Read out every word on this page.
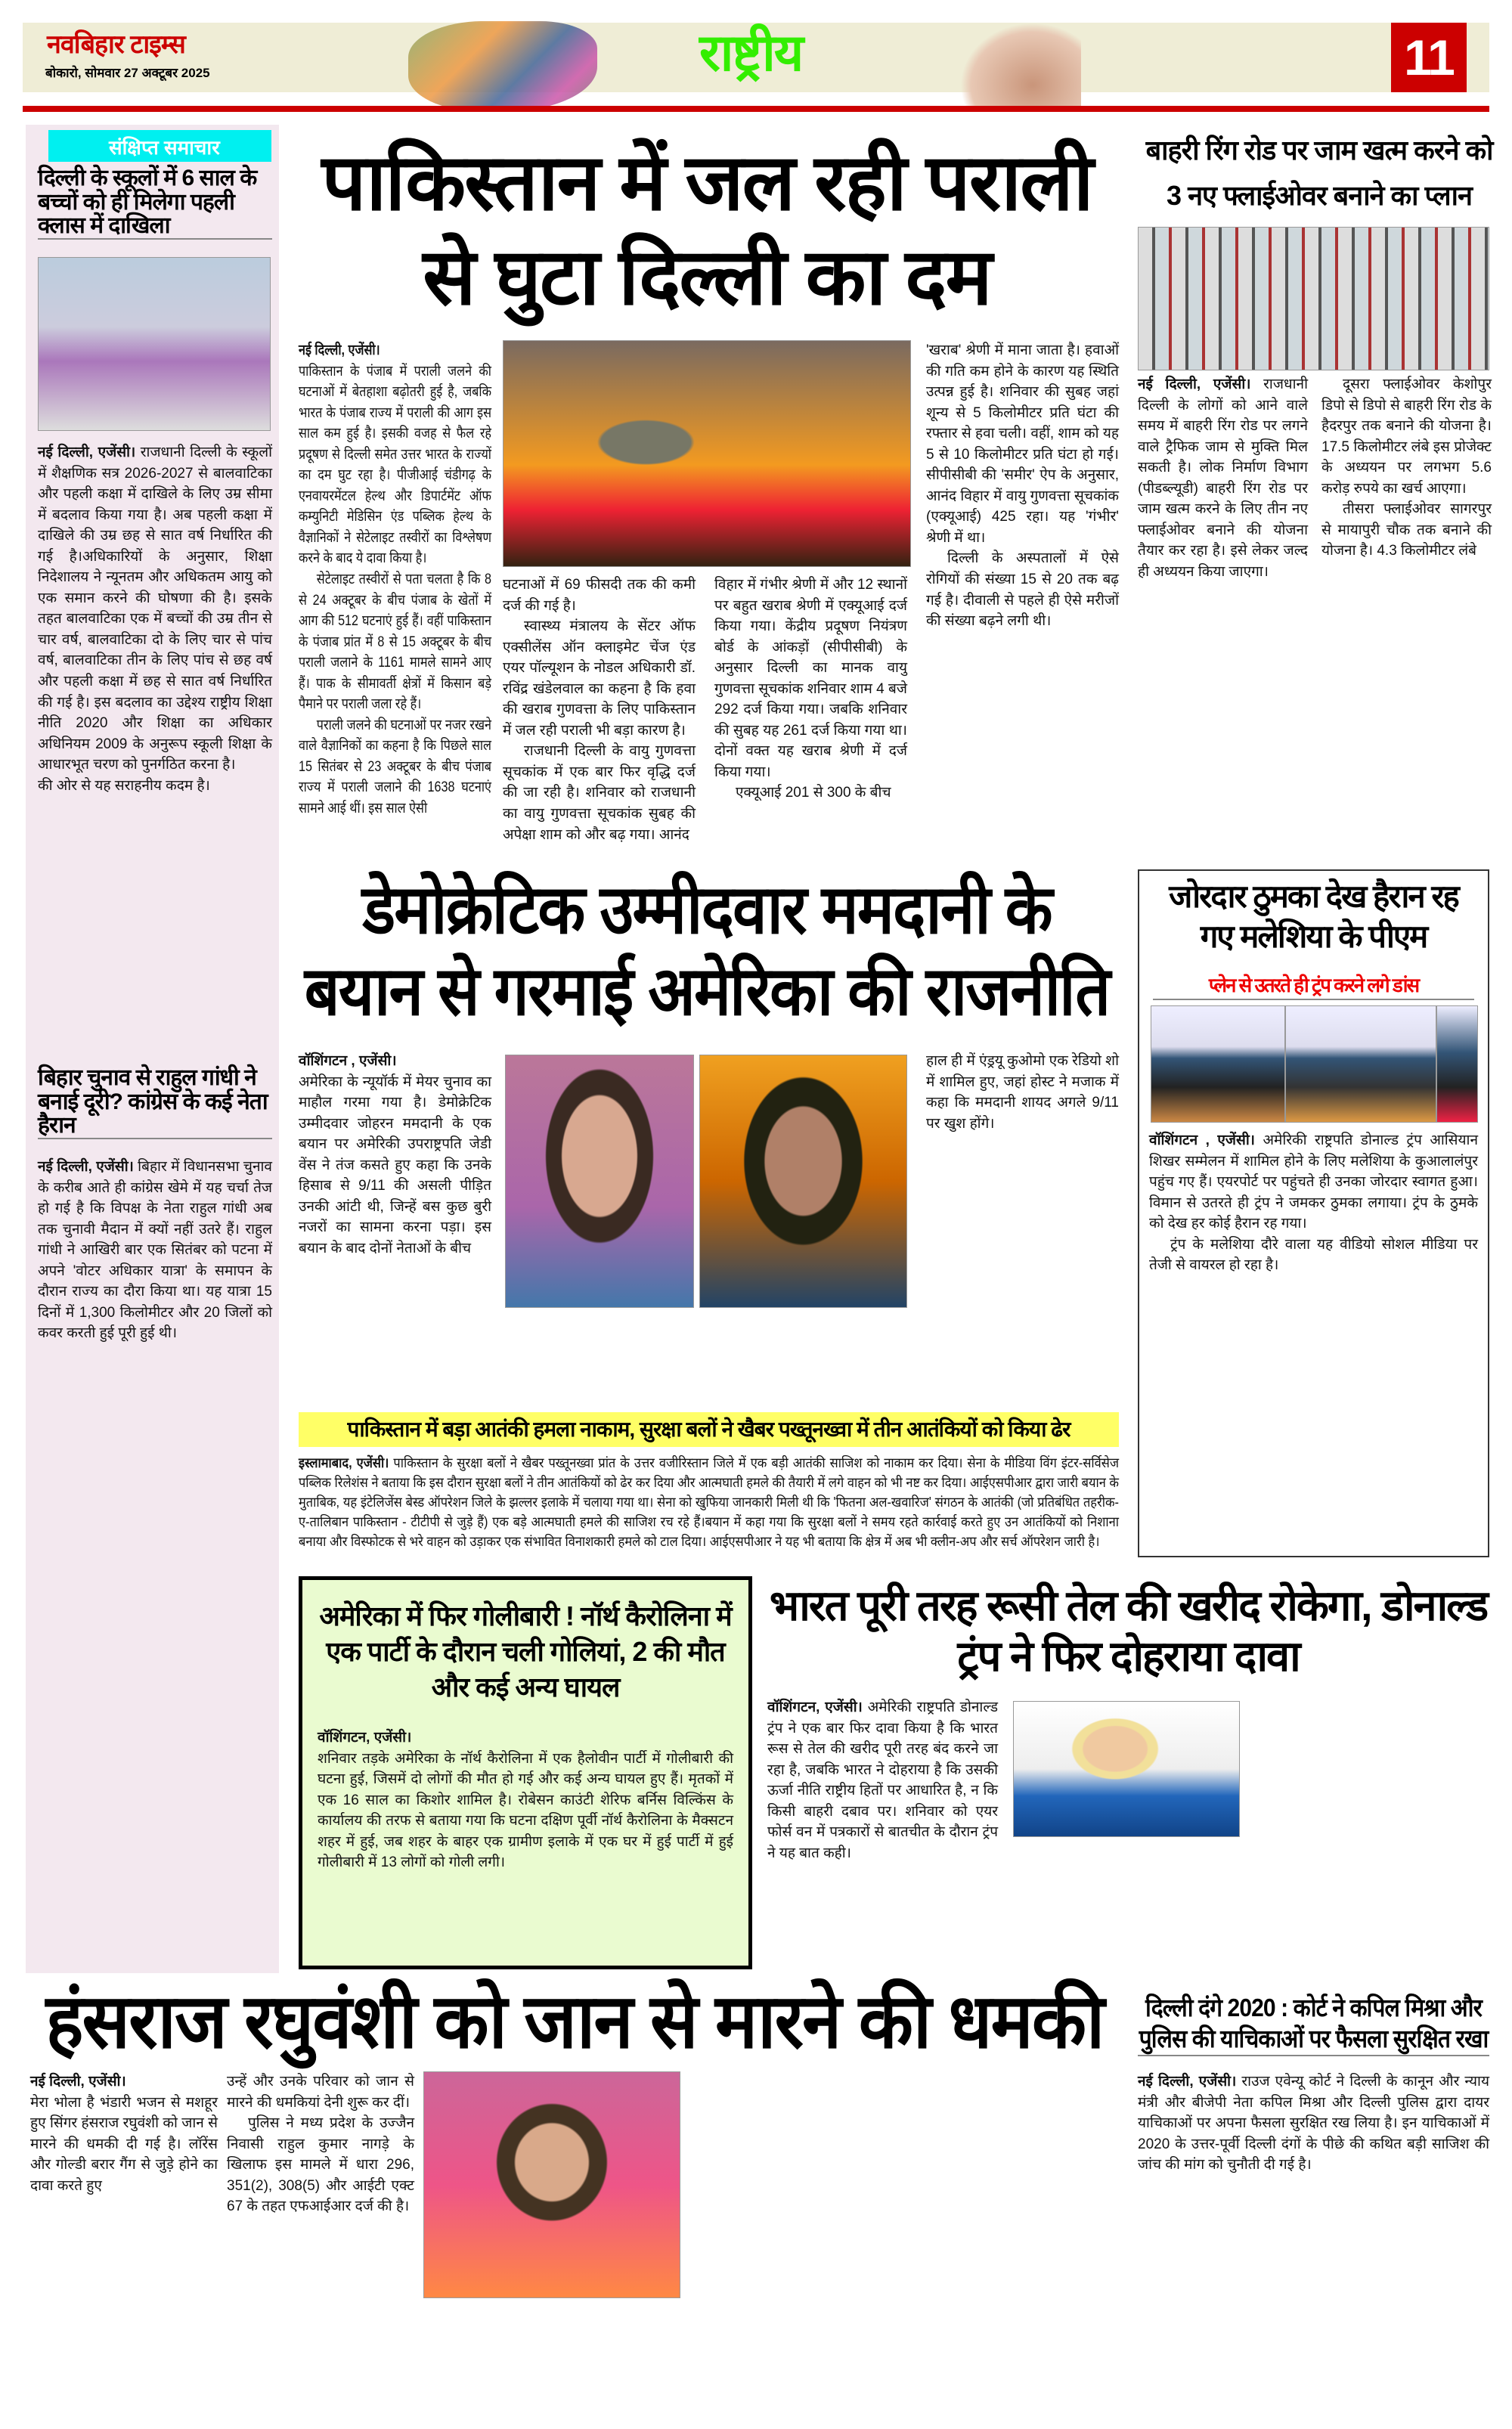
नवबिहार टाइम्स
बोकारो, सोमवार 27 अक्टूबर 2025	राष्ट्रीय	11
संक्षिप्त समाचार
दिल्ली के स्कूलों में 6 साल के बच्चों को ही मिलेगा पहली क्लास में दाखिला

नई दिल्ली, एजेंसी। राजधानी दिल्ली के स्कूलों में शैक्षणिक सत्र 2026-2027 से बालवाटिका और पहली कक्षा में दाखिले के लिए उम्र सीमा में बदलाव किया गया है। अब पहली कक्षा में दाखिले की उम्र छह से सात वर्ष निर्धारित की गई है।अधिकारियों के अनुसार, शिक्षा निदेशालय ने न्यूनतम और अधिकतम आयु को एक समान करने की घोषणा की है। इसके तहत बालवाटिका एक में बच्चों की उम्र तीन से चार वर्ष, बालवाटिका दो के लिए चार से पांच वर्ष, बालवाटिका तीन के लिए पांच से छह वर्ष और पहली कक्षा में छह से सात वर्ष निर्धारित की गई है। इस बदलाव का उद्देश्य राष्ट्रीय शिक्षा नीति 2020 और शिक्षा का अधिकार अधिनियम 2009 के अनुरूप स्कूली शिक्षा के आधारभूत चरण को पुनर्गठित करना है।

की ओर से यह सराहनीय कदम है।

बिहार चुनाव से राहुल गांधी ने बनाई दूरी? कांग्रेस के कई नेता हैरान

नई दिल्ली, एजेंसी। बिहार में विधानसभा चुनाव के करीब आते ही कांग्रेस खेमे में यह चर्चा तेज हो गई है कि विपक्ष के नेता राहुल गांधी अब तक चुनावी मैदान में क्यों नहीं उतरे हैं। राहुल गांधी ने आखिरी बार एक सितंबर को पटना में अपने 'वोटर अधिकार यात्रा' के समापन के दौरान राज्य का दौरा किया था। यह यात्रा 15 दिनों में 1,300 किलोमीटर और 20 जिलों को कवर करती हुई पूरी हुई थी।

पाकिस्तान में जल रही पराली से घुटा दिल्ली का दम

नई दिल्ली, एजेंसी।

पाकिस्तान के पंजाब में पराली जलने की घटनाओं में बेतहाशा बढ़ोतरी हुई है, जबकि भारत के पंजाब राज्य में पराली की आग इस साल कम हुई है। इसकी वजह से फैल रहे प्रदूषण से दिल्ली समेत उत्तर भारत के राज्यों का दम घुट रहा है। पीजीआई चंडीगढ़ के एनवायरमेंटल हेल्थ और डिपार्टमेंट ऑफ कम्युनिटी मेडिसिन एंड पब्लिक हेल्थ के वैज्ञानिकों ने सेटेलाइट तस्वीरों का विश्लेषण करने के बाद ये दावा किया है।

सेटेलाइट तस्वीरों से पता चलता है कि 8 से 24 अक्टूबर के बीच पंजाब के खेतों में आग की 512 घटनाएं हुई हैं। वहीं पाकिस्तान के पंजाब प्रांत में 8 से 15 अक्टूबर के बीच पराली जलाने के 1161 मामले सामने आए हैं। पाक के सीमावर्ती क्षेत्रों में किसान बड़े पैमाने पर पराली जला रहे हैं।

पराली जलने की घटनाओं पर नजर रखने वाले वैज्ञानिकों का कहना है कि पिछले साल 15 सितंबर से 23 अक्टूबर के बीच पंजाब राज्य में पराली जलाने की 1638 घटनाएं सामने आई थीं। इस साल ऐसी

घटनाओं में 69 फीसदी तक की कमी दर्ज की गई है।

स्वास्थ्य मंत्रालय के सेंटर ऑफ एक्सीलेंस ऑन क्लाइमेट चेंज एंड एयर पॉल्यूशन के नोडल अधिकारी डॉ. रविंद्र खंडेलवाल का कहना है कि हवा की खराब गुणवत्ता के लिए पाकिस्तान में जल रही पराली भी बड़ा कारण है।

राजधानी दिल्ली के वायु गुणवत्ता सूचकांक में एक बार फिर वृद्धि दर्ज की जा रही है। शनिवार को राजधानी का वायु गुणवत्ता सूचकांक सुबह की अपेक्षा शाम को और बढ़ गया। आनंद

विहार में गंभीर श्रेणी में और 12 स्थानों पर बहुत खराब श्रेणी में एक्यूआई दर्ज किया गया। केंद्रीय प्रदूषण नियंत्रण बोर्ड के आंकड़ों (सीपीसीबी) के अनुसार दिल्ली का मानक वायु गुणवत्ता सूचकांक शनिवार शाम 4 बजे 292 दर्ज किया गया। जबकि शनिवार की सुबह यह 261 दर्ज किया गया था। दोनों वक्त यह खराब श्रेणी में दर्ज किया गया।

एक्यूआई 201 से 300 के बीच

'खराब' श्रेणी में माना जाता है। हवाओं की गति कम होने के कारण यह स्थिति उत्पन्न हुई है। शनिवार की सुबह जहां शून्य से 5 किलोमीटर प्रति घंटा की रफ्तार से हवा चली। वहीं, शाम को यह 5 से 10 किलोमीटर प्रति घंटा हो गई। सीपीसीबी की 'समीर' ऐप के अनुसार, आनंद विहार में वायु गुणवत्ता सूचकांक (एक्यूआई) 425 रहा। यह 'गंभीर' श्रेणी में था।

दिल्ली के अस्पतालों में ऐसे रोगियों की संख्या 15 से 20 तक बढ़ गई है। दीवाली से पहले ही ऐसे मरीजों की संख्या बढ़ने लगी थी।

बाहरी रिंग रोड पर जाम खत्म करने को
3 नए फ्लाईओवर बनाने का प्लान

नई दिल्ली, एजेंसी। राजधानी दिल्ली के लोगों को आने वाले समय में बाहरी रिंग रोड पर लगने वाले ट्रैफिक जाम से मुक्ति मिल सकती है। लोक निर्माण विभाग (पीडब्ल्यूडी) बाहरी रिंग रोड पर जाम खत्म करने के लिए तीन नए फ्लाईओवर बनाने की योजना तैयार कर रहा है। इसे लेकर जल्द ही अध्ययन किया जाएगा।

दूसरा फ्लाईओवर केशोपुर डिपो से डिपो से बाहरी रिंग रोड के हैदरपुर तक बनाने की योजना है। 17.5 किलोमीटर लंबे इस प्रोजेक्ट के अध्ययन पर लगभग 5.6 करोड़ रुपये का खर्च आएगा।

तीसरा फ्लाईओवर सागरपुर से मायापुरी चौक तक बनाने की योजना है। 4.3 किलोमीटर लंबे

डेमोक्रेटिक उम्मीदवार ममदानी के बयान से गरमाई अमेरिका की राजनीति

वॉशिंगटन , एजेंसी।

अमेरिका के न्यूयॉर्क में मेयर चुनाव का माहौल गरमा गया है। डेमोक्रेटिक उम्मीदवार जोहरन ममदानी के एक बयान पर अमेरिकी उपराष्ट्रपति जेडी वेंस ने तंज कसते हुए कहा कि उनके हिसाब से 9/11 की असली पीड़ित उनकी आंटी थी, जिन्हें बस कुछ बुरी नजरों का सामना करना पड़ा। इस बयान के बाद दोनों नेताओं के बीच

हाल ही में एंड्रयू कुओमो एक रेडियो शो में शामिल हुए, जहां होस्ट ने मजाक में कहा कि ममदानी शायद अगले 9/11 पर खुश होंगे।

पाकिस्तान में बड़ा आतंकी हमला नाकाम, सुरक्षा बलों ने खैबर पख्तूनख्वा में तीन आतंकियों को किया ढेर

इस्लामाबाद, एजेंसी। पाकिस्तान के सुरक्षा बलों ने खैबर पख्तूनख्वा प्रांत के उत्तर वजीरिस्तान जिले में एक बड़ी आतंकी साजिश को नाकाम कर दिया। सेना के मीडिया विंग इंटर-सर्विसेज पब्लिक रिलेशंस ने बताया कि इस दौरान सुरक्षा बलों ने तीन आतंकियों को ढेर कर दिया और आत्मघाती हमले की तैयारी में लगे वाहन को भी नष्ट कर दिया। आईएसपीआर द्वारा जारी बयान के मुताबिक, यह इंटेलिजेंस बेस्ड ऑपरेशन जिले के झल्लर इलाके में चलाया गया था। सेना को खुफिया जानकारी मिली थी कि 'फितना अल-खवारिज' संगठन के आतंकी (जो प्रतिबंधित तहरीक-ए-तालिबान पाकिस्तान - टीटीपी से जुड़े हैं) एक बड़े आत्मघाती हमले की साजिश रच रहे हैं।बयान में कहा गया कि सुरक्षा बलों ने समय रहते कार्रवाई करते हुए उन आतंकियों को निशाना बनाया और विस्फोटक से भरे वाहन को उड़ाकर एक संभावित विनाशकारी हमले को टाल दिया। आईएसपीआर ने यह भी बताया कि क्षेत्र में अब भी क्लीन-अप और सर्च ऑपरेशन जारी है।

जोरदार ठुमका देख हैरान रह गए मलेशिया के पीएम
प्लेन से उतरते ही ट्रंप करने लगे डांस

वॉशिंगटन , एजेंसी। अमेरिकी राष्ट्रपति डोनाल्ड ट्रंप आसियान शिखर सम्मेलन में शामिल होने के लिए मलेशिया के कुआलालंपुर पहुंच गए हैं। एयरपोर्ट पर पहुंचते ही उनका जोरदार स्वागत हुआ। विमान से उतरते ही ट्रंप ने जमकर ठुमका लगाया। ट्रंप के ठुमके को देख हर कोई हैरान रह गया।

ट्रंप के मलेशिया दौरे वाला यह वीडियो सोशल मीडिया पर तेजी से वायरल हो रहा है।

अमेरिका में फिर गोलीबारी ! नॉर्थ कैरोलिना में एक पार्टी के दौरान चली गोलियां, 2 की मौत और कई अन्य घायल

वॉशिंगटन, एजेंसी।

शनिवार तड़के अमेरिका के नॉर्थ कैरोलिना में एक हैलोवीन पार्टी में गोलीबारी की घटना हुई, जिसमें दो लोगों की मौत हो गई और कई अन्य घायल हुए हैं। मृतकों में एक 16 साल का किशोर शामिल है। रोबेसन काउंटी शेरिफ बर्निस विल्किंस के कार्यालय की तरफ से बताया गया कि घटना दक्षिण पूर्वी नॉर्थ कैरोलिना के मैक्सटन शहर में हुई, जब शहर के बाहर एक ग्रामीण इलाके में एक घर में हुई पार्टी में हुई गोलीबारी में 13 लोगों को गोली लगी।

भारत पूरी तरह रूसी तेल की खरीद रोकेगा, डोनाल्ड ट्रंप ने फिर दोहराया दावा

वॉशिंगटन, एजेंसी। अमेरिकी राष्ट्रपति डोनाल्ड ट्रंप ने एक बार फिर दावा किया है कि भारत रूस से तेल की खरीद पूरी तरह बंद करने जा रहा है, जबकि भारत ने दोहराया है कि उसकी ऊर्जा नीति राष्ट्रीय हितों पर आधारित है, न कि किसी बाहरी दबाव पर। शनिवार को एयर फोर्स वन में पत्रकारों से बातचीत के दौरान ट्रंप ने यह बात कही।

हंसराज रघुवंशी को जान से मारने की धमकी

नई दिल्ली, एजेंसी।

मेरा भोला है भंडारी भजन से मशहूर हुए सिंगर हंसराज रघुवंशी को जान से मारने की धमकी दी गई है। लॉरेंस और गोल्डी बरार गैंग से जुड़े होने का दावा करते हुए

उन्हें और उनके परिवार को जान से मारने की धमकियां देनी शुरू कर दीं।

पुलिस ने मध्य प्रदेश के उज्जैन निवासी राहुल कुमार नागड़े के खिलाफ इस मामले में धारा 296, 351(2), 308(5) और आईटी एक्ट 67 के तहत एफआईआर दर्ज की है।

दिल्ली दंगे 2020 : कोर्ट ने कपिल मिश्रा और पुलिस की याचिकाओं पर फैसला सुरक्षित रखा

नई दिल्ली, एजेंसी। राउज एवेन्यू कोर्ट ने दिल्ली के कानून और न्याय मंत्री और बीजेपी नेता कपिल मिश्रा और दिल्ली पुलिस द्वारा दायर याचिकाओं पर अपना फैसला सुरक्षित रख लिया है। इन याचिकाओं में 2020 के उत्तर-पूर्वी दिल्ली दंगों के पीछे की कथित बड़ी साजिश की जांच की मांग को चुनौती दी गई है।
